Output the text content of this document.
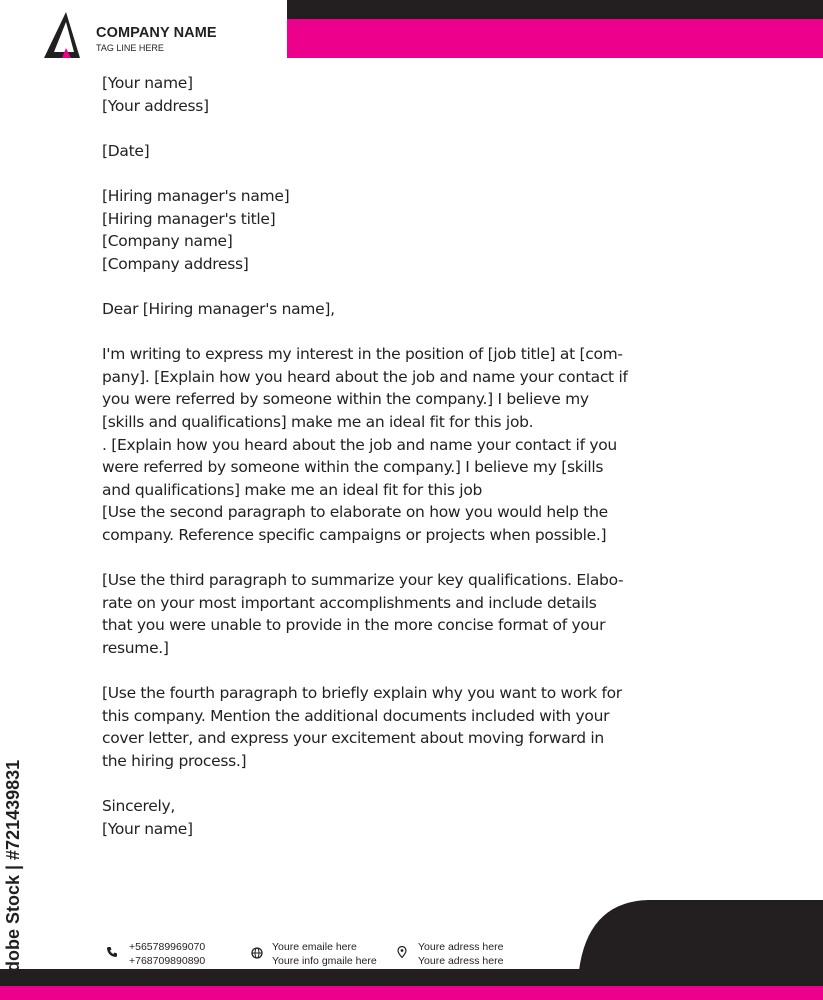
COMPANY NAME
TAG LINE HERE
[Your name]
[Your address]
[Date]
[Hiring manager's name]
[Hiring manager's title]
[Company name]
[Company address]
Dear [Hiring manager's name],
I'm writing to express my interest in the position of [job title] at [com-
pany]. [Explain how you heard about the job and name your contact if
you were referred by someone within the company.] I believe my
[skills and qualifications] make me an ideal fit for this job.
. [Explain how you heard about the job and name your contact if you
were referred by someone within the company.] I believe my [skills
and qualifications] make me an ideal fit for this job
[Use the second paragraph to elaborate on how you would help the
company. Reference specific campaigns or projects when possible.]
[Use the third paragraph to summarize your key qualifications. Elabo-
rate on your most important accomplishments and include details
that you were unable to provide in the more concise format of your
resume.]
[Use the fourth paragraph to briefly explain why you want to work for
this company. Mention the additional documents included with your
cover letter, and express your excitement about moving forward in
the hiring process.]
Sincerely,
[Your name]
+565789969070
+768709890890
Youre emaile here
Youre info gmaile here
Youre adress here
Youre adress here
Adobe Stock | #721439831
